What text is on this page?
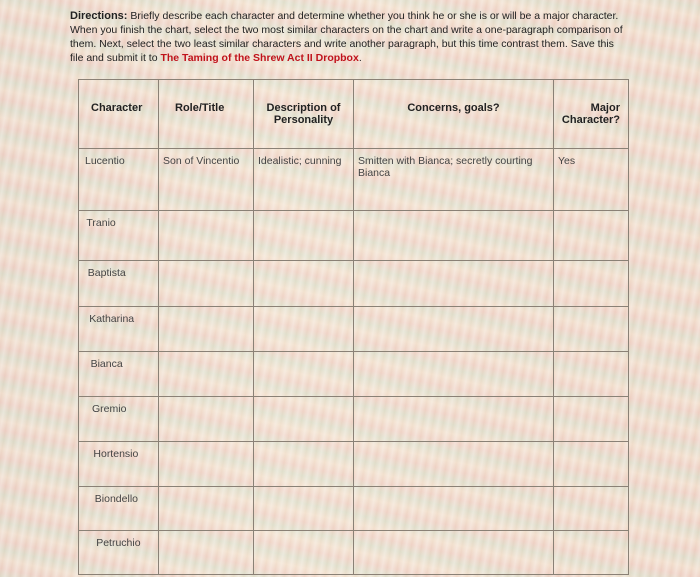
Directions: Briefly describe each character and determine whether you think he or she is or will be a major character. When you finish the chart, select the two most similar characters on the chart and write a one-paragraph comparison of them. Next, select the two least similar characters and write another paragraph, but this time contrast them. Save this file and submit it to The Taming of the Shrew Act II Dropbox.
Character	Role/Title	Description of Personality	Concerns, goals?	Major Character?
Lucentio	Son of Vincentio	Idealistic; cunning	Smitten with Bianca; secretly courting Bianca	Yes
Tranio				
Baptista				
Katharina				
Bianca				
Gremio				
Hortensio				
Biondello				
Petruchio				
